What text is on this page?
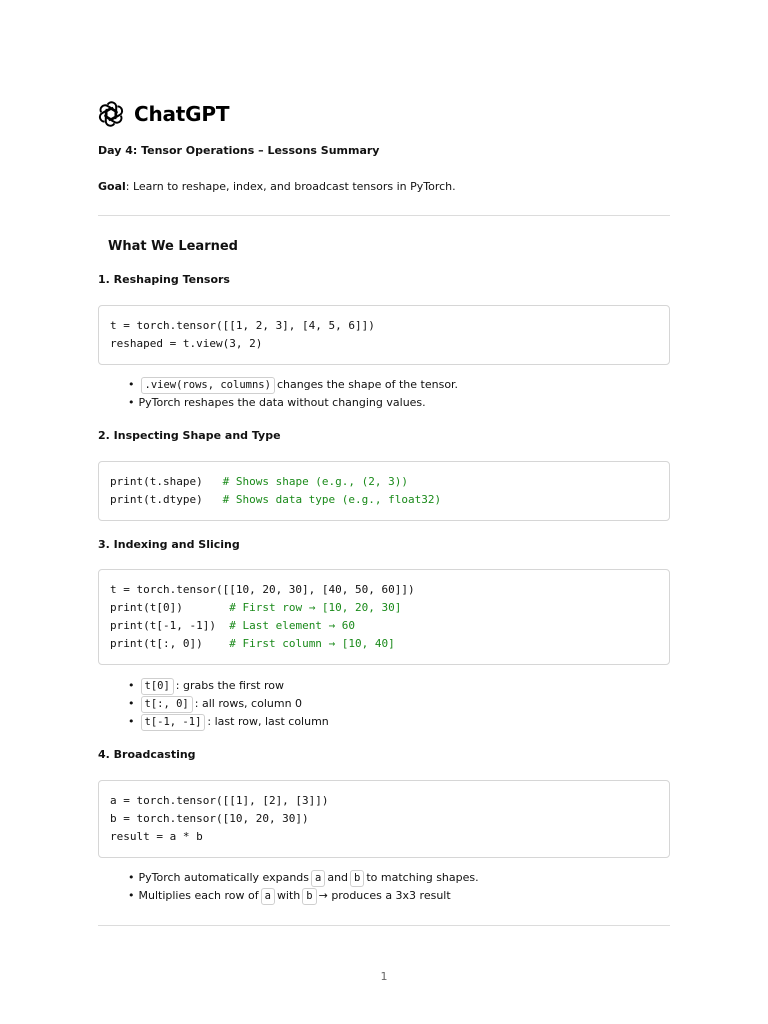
ChatGPT
Day 4: Tensor Operations – Lessons Summary
Goal: Learn to reshape, index, and broadcast tensors in PyTorch.
What We Learned
1. Reshaping Tensors
t = torch.tensor([[1, 2, 3], [4, 5, 6]])
reshaped = t.view(3, 2)
• .view(rows, columns) changes the shape of the tensor.
• PyTorch reshapes the data without changing values.
2. Inspecting Shape and Type
print(t.shape)   # Shows shape (e.g., (2, 3))
print(t.dtype)   # Shows data type (e.g., float32)
3. Indexing and Slicing
t = torch.tensor([[10, 20, 30], [40, 50, 60]])
print(t[0])       # First row → [10, 20, 30]
print(t[-1, -1])  # Last element → 60
print(t[:, 0])    # First column → [10, 40]
• t[0] : grabs the first row
• t[:, 0] : all rows, column 0
• t[-1, -1] : last row, last column
4. Broadcasting
a = torch.tensor([[1], [2], [3]])
b = torch.tensor([10, 20, 30])
result = a * b
• PyTorch automatically expands a and b to matching shapes.
• Multiplies each row of a with b → produces a 3x3 result
1
